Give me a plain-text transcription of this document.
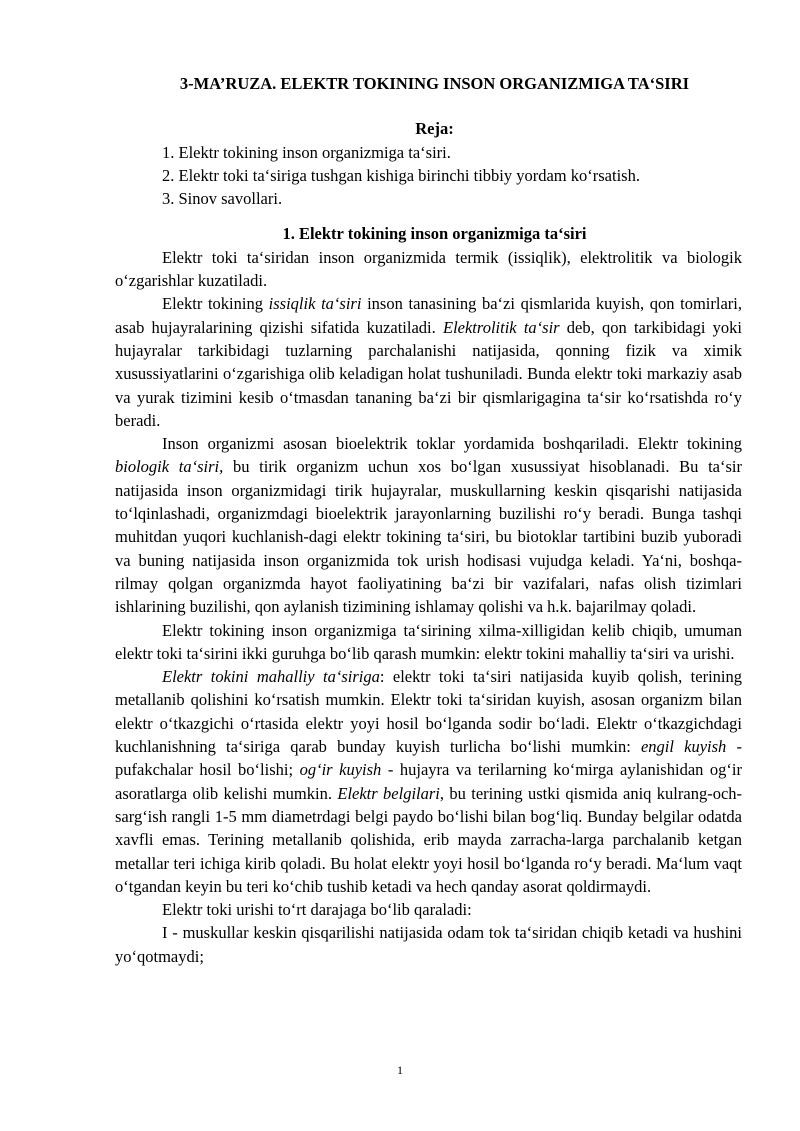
3-MA’RUZA. ELEKTR TOKINING INSON ORGANIZMIGA TA‘SIRI
Reja:
1. Elektr tokining inson organizmiga ta‘siri.
2. Elektr toki ta‘siriga tushgan kishiga birinchi tibbiy yordam ko‘rsatish.
3. Sinov savollari.
1. Elektr tokining inson organizmiga ta‘siri

Elektr toki ta‘siridan inson organizmida termik (issiqlik), elektrolitik va biologik o‘zgarishlar kuzatiladi.

Elektr tokining issiqlik ta‘siri inson tanasining ba‘zi qismlarida kuyish, qon tomirlari, asab hujayralarining qizishi sifatida kuzatiladi. Elektrolitik ta‘sir deb, qon tarkibidagi yoki hujayralar tarkibidagi tuzlarning parchalanishi natijasida, qonning fizik va ximik xusussiyatlarini o‘zgarishiga olib keladigan holat tushuniladi. Bunda elektr toki markaziy asab va yurak tizimini kesib o‘tmasdan tananing ba‘zi bir qismlarigagina ta‘sir ko‘rsatishda ro‘y beradi.

Inson organizmi asosan bioelektrik toklar yordamida boshqariladi. Elektr tokining biologik ta‘siri, bu tirik organizm uchun xos bo‘lgan xusussiyat hisoblanadi. Bu ta‘sir natijasida inson organizmidagi tirik hujayralar, muskullarning keskin qisqarishi natijasida to‘lqinlashadi, organizmdagi bioelektrik jarayonlarning buzilishi ro‘y beradi. Bunga tashqi muhitdan yuqori kuchlanish-dagi elektr tokining ta‘siri, bu biotoklar tartibini buzib yuboradi va buning natijasida inson organizmida tok urish hodisasi vujudga keladi. Ya‘ni, boshqa-rilmay qolgan organizmda hayot faoliyatining ba‘zi bir vazifalari, nafas olish tizimlari ishlarining buzilishi, qon aylanish tizimining ishlamay qolishi va h.k. bajarilmay qoladi.

Elektr tokining inson organizmiga ta‘sirining xilma-xilligidan kelib chiqib, umuman elektr toki ta‘sirini ikki guruhga bo‘lib qarash mumkin: elektr tokini mahalliy ta‘siri va urishi.

Elektr tokini mahalliy ta‘siriga: elektr toki ta‘siri natijasida kuyib qolish, terining metallanib qolishini ko‘rsatish mumkin. Elektr toki ta‘siridan kuyish, asosan organizm bilan elektr o‘tkazgichi o‘rtasida elektr yoyi hosil bo‘lganda sodir bo‘ladi. Elektr o‘tkazgichdagi kuchlanishning ta‘siriga qarab bunday kuyish turlicha bo‘lishi mumkin: engil kuyish - pufakchalar hosil bo‘lishi; og‘ir kuyish - hujayra va terilarning ko‘mirga aylanishidan og‘ir asoratlarga olib kelishi mumkin. Elektr belgilari, bu terining ustki qismida aniq kulrang-och-sarg‘ish rangli 1-5 mm diametrdagi belgi paydo bo‘lishi bilan bog‘liq. Bunday belgilar odatda xavfli emas. Terining metallanib qolishida, erib mayda zarracha-larga parchalanib ketgan metallar teri ichiga kirib qoladi. Bu holat elektr yoyi hosil bo‘lganda ro‘y beradi. Ma‘lum vaqt o‘tgandan keyin bu teri ko‘chib tushib ketadi va hech qanday asorat qoldirmaydi.

Elektr toki urishi to‘rt darajaga bo‘lib qaraladi:

I - muskullar keskin qisqarilishi natijasida odam tok ta‘siridan chiqib ketadi va hushini yo‘qotmaydi;

1
